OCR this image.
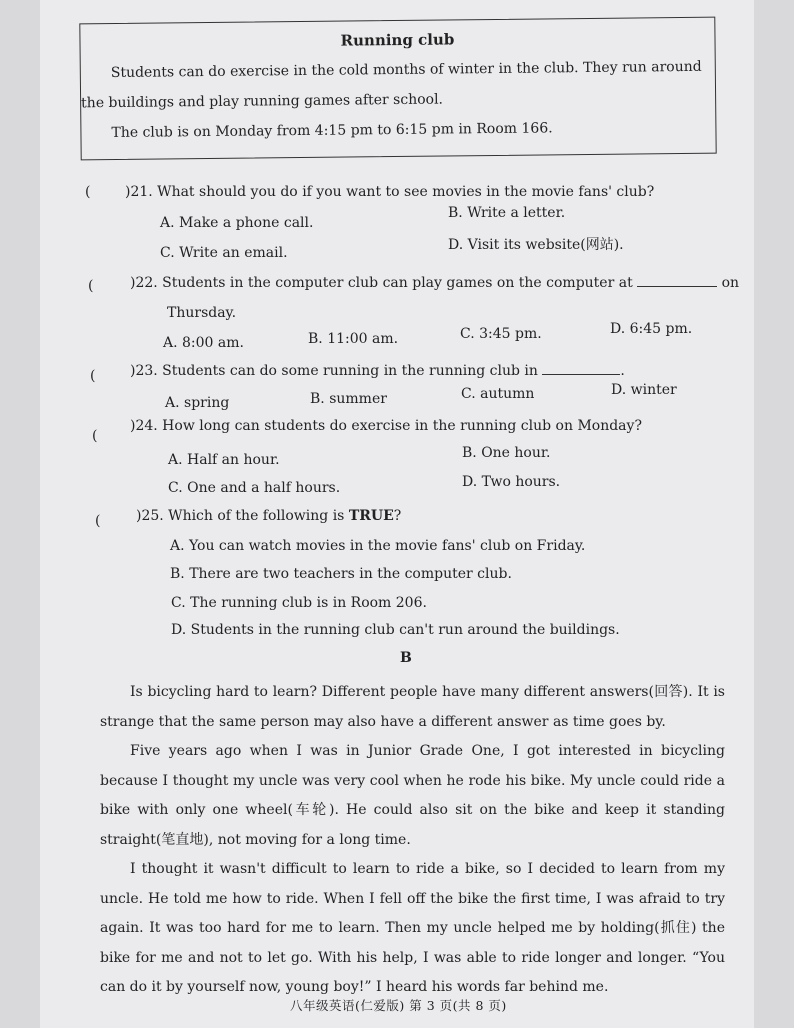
Running club

Students can do exercise in the cold months of winter in the club. They run around the buildings and play running games after school.

The club is on Monday from 4:15 pm to 6:15 pm in Room 166.

( )21. What should you do if you want to see movies in the movie fans' club?
A. Make a phone call.
B. Write a letter.
C. Write an email.	D. Visit its website(网站).
(	)22. Students in the computer club can play games on the computer at	on
Thursday.
A. 8:00 am.	B. 11:00 am.	C. 3:45 pm.	D. 6:45 pm.
( )23. Students can do some running in the running club in	.
A. spring	B. summer	C. autumn	D. winter
(
)24. How long can students do exercise in the running club on Monday?
A. Half an hour.	B. One hour.
C. One and a half hours.	D. Two hours.
(	)25. Which of the following is TRUE?
A. You can watch movies in the movie fans' club on Friday.
B. There are two teachers in the computer club.
C. The running club is in Room 206.
D. Students in the running club can't run around the buildings.
B

Is bicycling hard to learn? Different people have many different answers(回答). It is strange that the same person may also have a different answer as time goes by.

Five years ago when I was in Junior Grade One, I got interested in bicycling because I thought my uncle was very cool when he rode his bike. My uncle could ride a bike with only one wheel(车轮). He could also sit on the bike and keep it standing straight(笔直地), not moving for a long time.

I thought it wasn't difficult to learn to ride a bike, so I decided to learn from my uncle. He told me how to ride. When I fell off the bike the first time, I was afraid to try again. It was too hard for me to learn. Then my uncle helped me by holding(抓住) the bike for me and not to let go. With his help, I was able to ride longer and longer. “You can do it by yourself now, young boy!” I heard his words far behind me.

八年级英语(仁爱版) 第 3 页(共 8 页)
